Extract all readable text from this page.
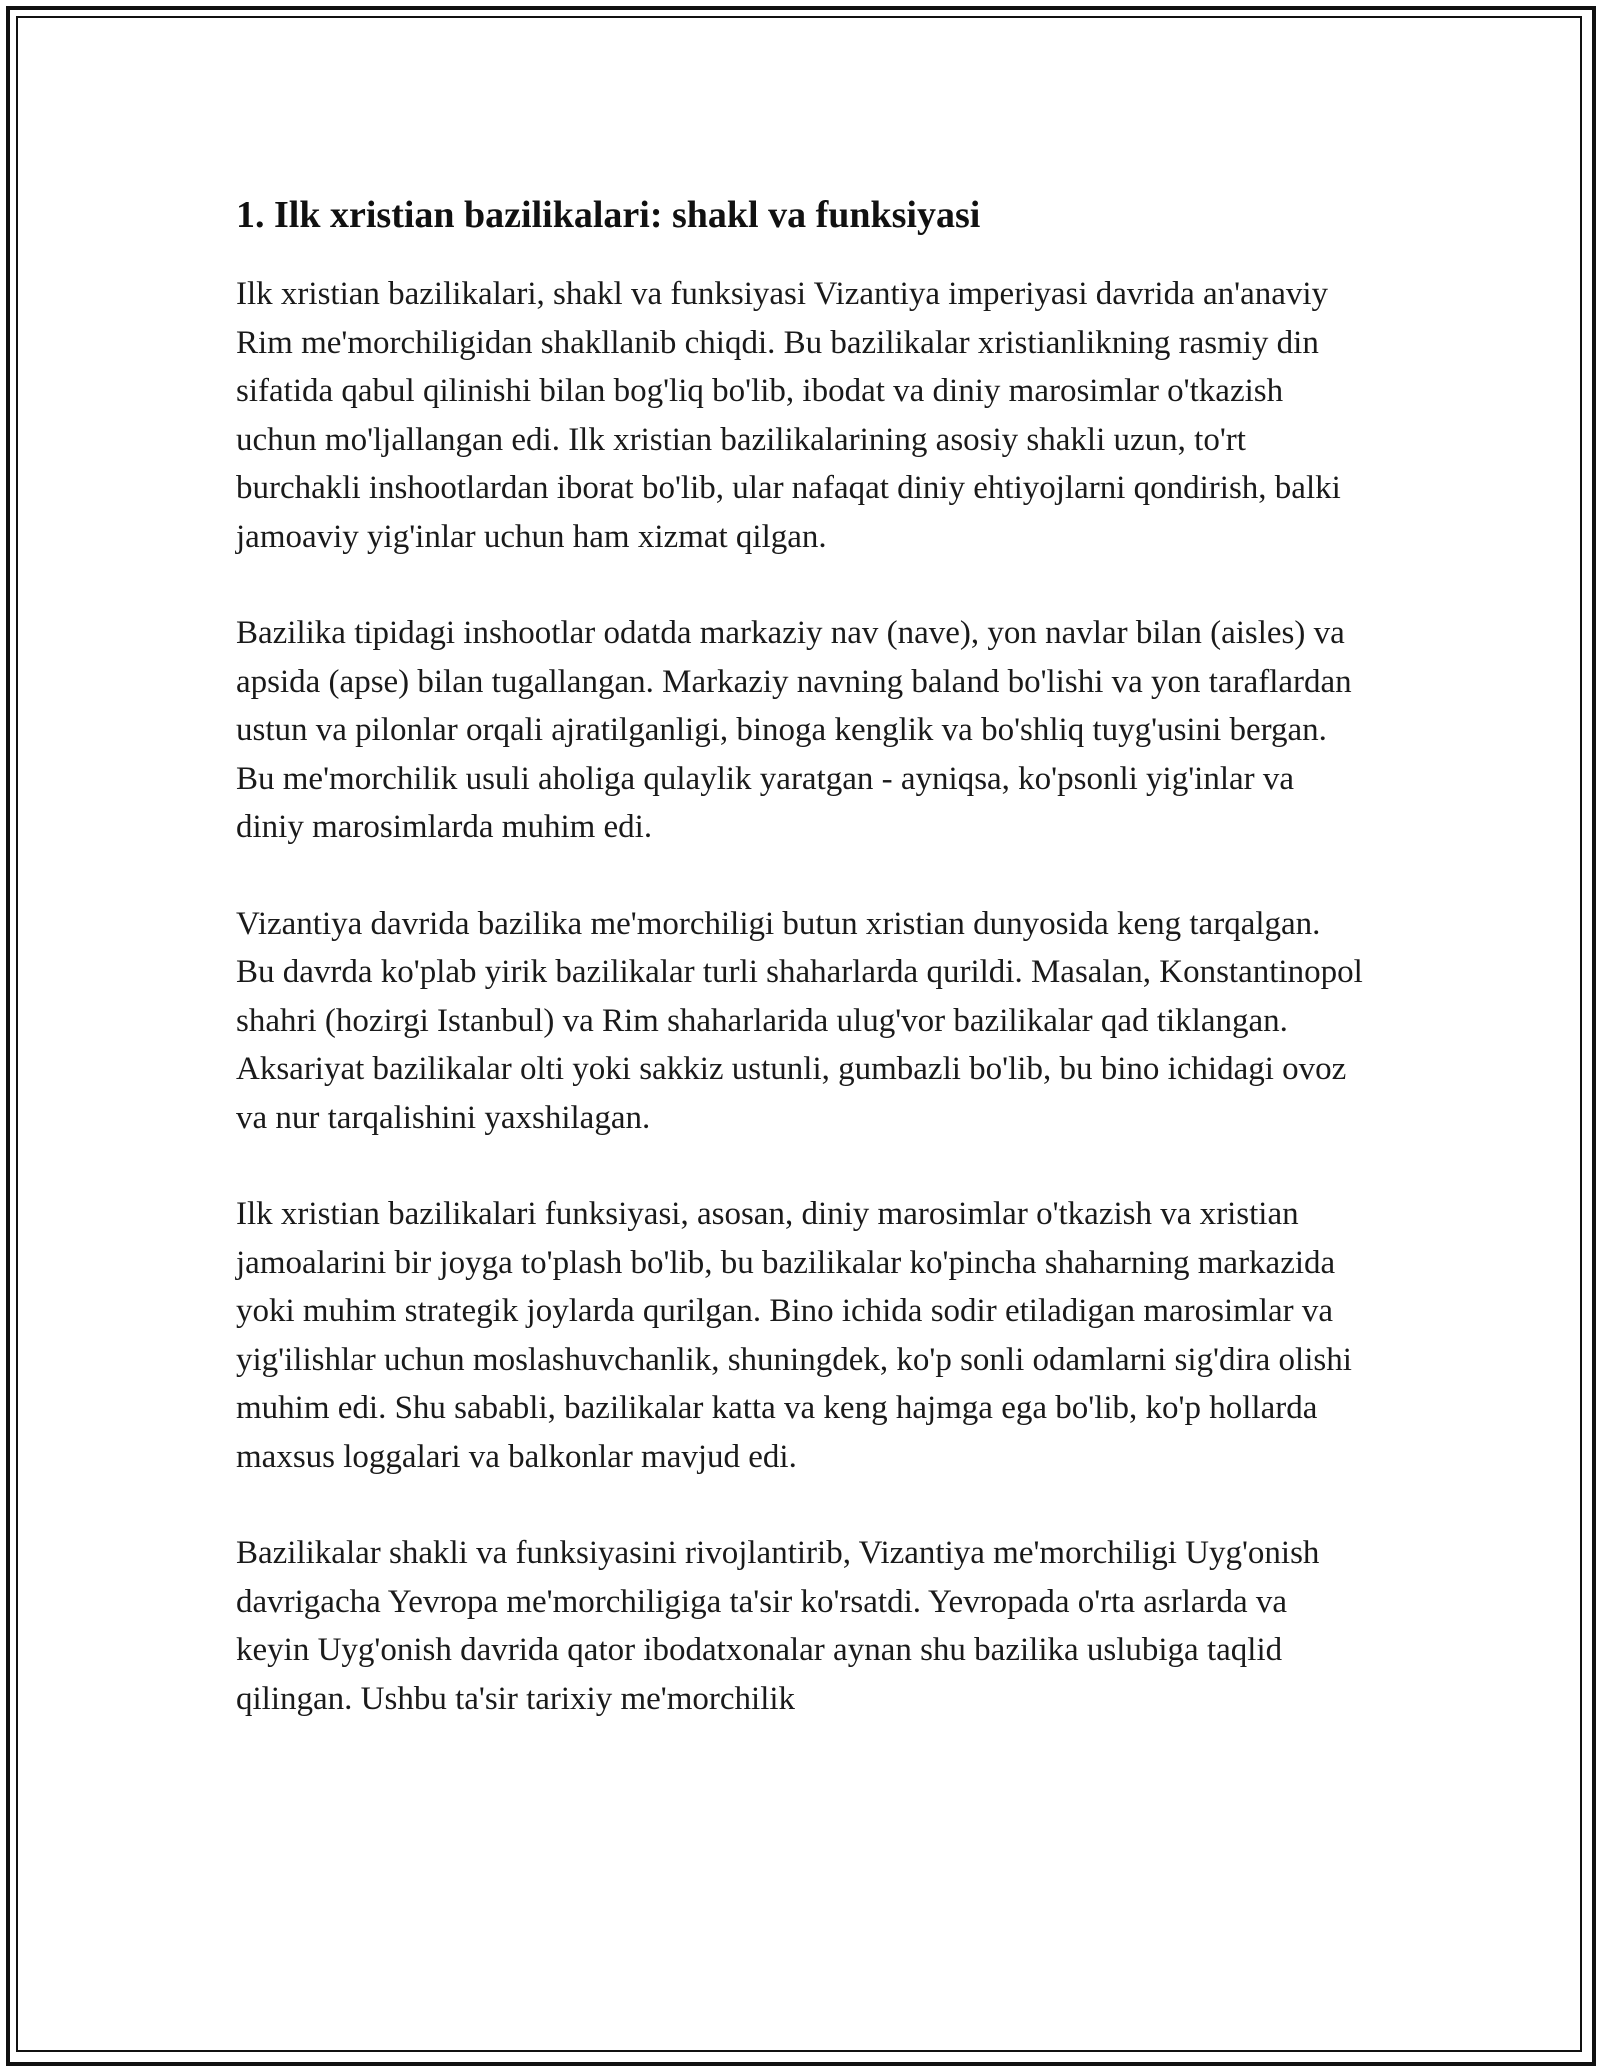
1. Ilk xristian bazilikalari: shakl va funksiyasi

Ilk xristian bazilikalari, shakl va funksiyasi Vizantiya imperiyasi davrida an'anaviy Rim me'morchiligidan shakllanib chiqdi. Bu bazilikalar xristianlikning rasmiy din sifatida qabul qilinishi bilan bog'liq bo'lib, ibodat va diniy marosimlar o'tkazish uchun mo'ljallangan edi. Ilk xristian bazilikalarining asosiy shakli uzun, to'rt burchakli inshootlardan iborat bo'lib, ular nafaqat diniy ehtiyojlarni qondirish, balki jamoaviy yig'inlar uchun ham xizmat qilgan.

Bazilika tipidagi inshootlar odatda markaziy nav (nave), yon navlar bilan (aisles) va apsida (apse) bilan tugallangan. Markaziy navning baland bo'lishi va yon taraflardan ustun va pilonlar orqali ajratilganligi, binoga kenglik va bo'shliq tuyg'usini bergan. Bu me'morchilik usuli aholiga qulaylik yaratgan - ayniqsa, ko'psonli yig'inlar va diniy marosimlarda muhim edi.

Vizantiya davrida bazilika me'morchiligi butun xristian dunyosida keng tarqalgan. Bu davrda ko'plab yirik bazilikalar turli shaharlarda qurildi. Masalan, Konstantinopol shahri (hozirgi Istanbul) va Rim shaharlarida ulug'vor bazilikalar qad tiklangan. Aksariyat bazilikalar olti yoki sakkiz ustunli, gumbazli bo'lib, bu bino ichidagi ovoz va nur tarqalishini yaxshilagan.

Ilk xristian bazilikalari funksiyasi, asosan, diniy marosimlar o'tkazish va xristian jamoalarini bir joyga to'plash bo'lib, bu bazilikalar ko'pincha shaharning markazida yoki muhim strategik joylarda qurilgan. Bino ichida sodir etiladigan marosimlar va yig'ilishlar uchun moslashuvchanlik, shuningdek, ko'p sonli odamlarni sig'dira olishi muhim edi. Shu sababli, bazilikalar katta va keng hajmga ega bo'lib, ko'p hollarda maxsus loggalari va balkonlar mavjud edi.

Bazilikalar shakli va funksiyasini rivojlantirib, Vizantiya me'morchiligi Uyg'onish davrigacha Yevropa me'morchiligiga ta'sir ko'rsatdi. Yevropada o'rta asrlarda va keyin Uyg'onish davrida qator ibodatxonalar aynan shu bazilika uslubiga taqlid qilingan. Ushbu ta'sir tarixiy me'morchilik
